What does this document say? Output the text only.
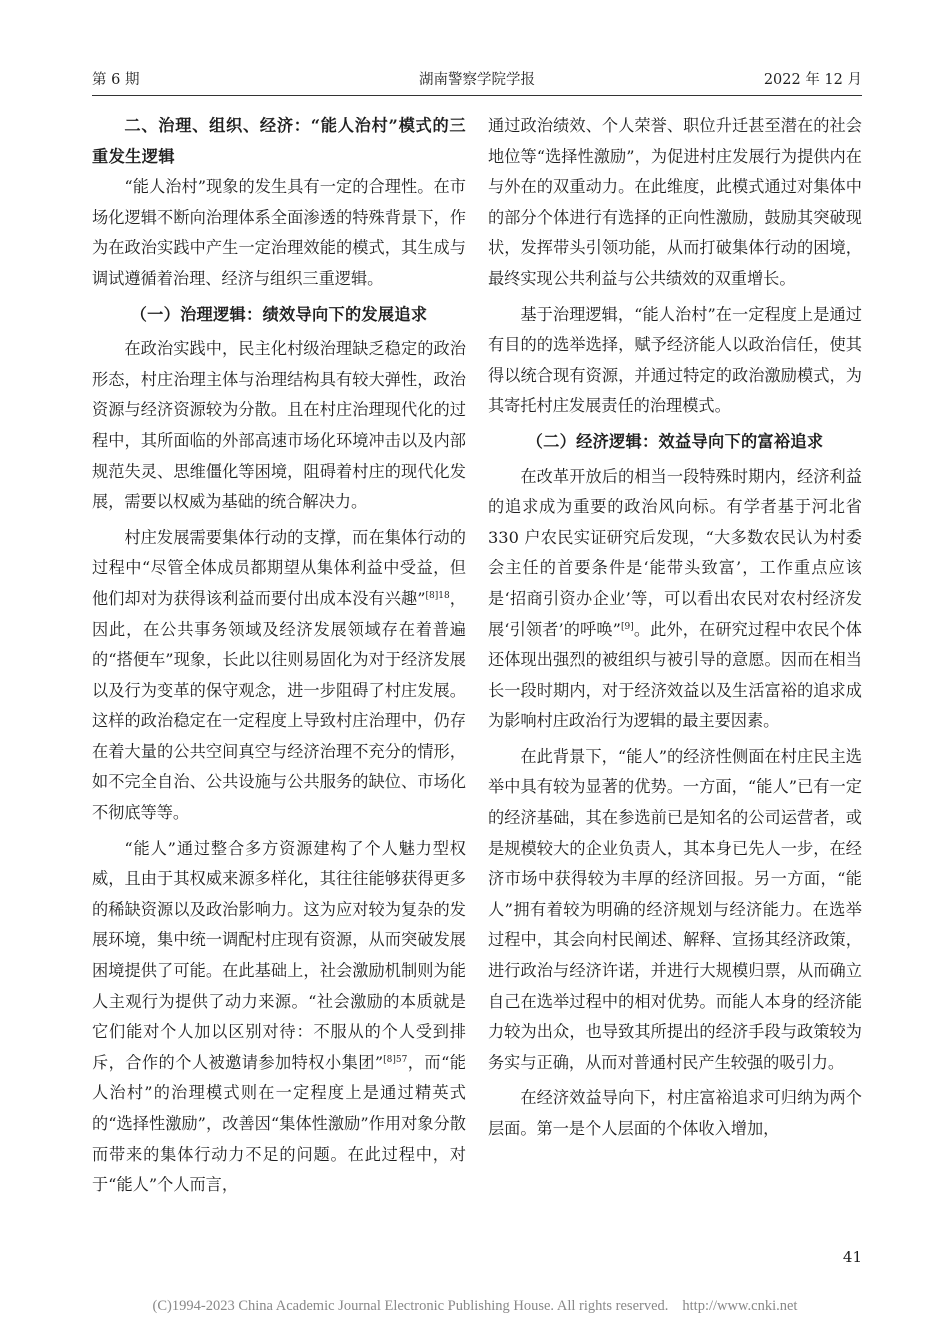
第 6 期	湖南警察学院学报	2022 年 12 月
二、治理、组织、经济：“能人治村”模式的三重发生逻辑

“能人治村”现象的发生具有一定的合理性。在市场化逻辑不断向治理体系全面渗透的特殊背景下，作为在政治实践中产生一定治理效能的模式，其生成与调试遵循着治理、经济与组织三重逻辑。

（一）治理逻辑：绩效导向下的发展追求

在政治实践中，民主化村级治理缺乏稳定的政治形态，村庄治理主体与治理结构具有较大弹性，政治资源与经济资源较为分散。且在村庄治理现代化的过程中，其所面临的外部高速市场化环境冲击以及内部规范失灵、思维僵化等困境，阻碍着村庄的现代化发展，需要以权威为基础的统合解决力。

村庄发展需要集体行动的支撑，而在集体行动的过程中“尽管全体成员都期望从集体利益中受益，但他们却对为获得该利益而要付出成本没有兴趣”$^{[8]18}$，因此，在公共事务领域及经济发展领域存在着普遍的“搭便车”现象，长此以往则易固化为对于经济发展以及行为变革的保守观念，进一步阻碍了村庄发展。这样的政治稳定在一定程度上导致村庄治理中，仍存在着大量的公共空间真空与经济治理不充分的情形，如不完全自治、公共设施与公共服务的缺位、市场化不彻底等等。

“能人”通过整合多方资源建构了个人魅力型权威，且由于其权威来源多样化，其往往能够获得更多的稀缺资源以及政治影响力。这为应对较为复杂的发展环境，集中统一调配村庄现有资源，从而突破发展困境提供了可能。在此基础上，社会激励机制则为能人主观行为提供了动力来源。“社会激励的本质就是它们能对个人加以区别对待：不服从的个人受到排斥，合作的个人被邀请参加特权小集团”$^{[8]57}$，而“能人治村”的治理模式则在一定程度上是通过精英式的“选择性激励”，改善因“集体性激励”作用对象分散而带来的集体行动力不足的问题。在此过程中，对于“能人”个人而言，

通过政治绩效、个人荣誉、职位升迁甚至潜在的社会地位等“选择性激励”，为促进村庄发展行为提供内在与外在的双重动力。在此维度，此模式通过对集体中的部分个体进行有选择的正向性激励，鼓励其突破现状，发挥带头引领功能，从而打破集体行动的困境，最终实现公共利益与公共绩效的双重增长。

基于治理逻辑，“能人治村”在一定程度上是通过有目的的选举选择，赋予经济能人以政治信任，使其得以统合现有资源，并通过特定的政治激励模式，为其寄托村庄发展责任的治理模式。

（二）经济逻辑：效益导向下的富裕追求

在改革开放后的相当一段特殊时期内，经济利益的追求成为重要的政治风向标。有学者基于河北省 330 户农民实证研究后发现，“大多数农民认为村委会主任的首要条件是‘能带头致富’，工作重点应该是‘招商引资办企业’等，可以看出农民对农村经济发展‘引领者’的呼唤”[9]。此外，在研究过程中农民个体还体现出强烈的被组织与被引导的意愿。因而在相当长一段时期内，对于经济效益以及生活富裕的追求成为影响村庄政治行为逻辑的最主要因素。

在此背景下，“能人”的经济性侧面在村庄民主选举中具有较为显著的优势。一方面，“能人”已有一定的经济基础，其在参选前已是知名的公司运营者，或是规模较大的企业负责人，其本身已先人一步，在经济市场中获得较为丰厚的经济回报。另一方面，“能人”拥有着较为明确的经济规划与经济能力。在选举过程中，其会向村民阐述、解释、宣扬其经济政策，进行政治与经济许诺，并进行大规模归票，从而确立自己在选举过程中的相对优势。而能人本身的经济能力较为出众，也导致其所提出的经济手段与政策较为务实与正确，从而对普通村民产生较强的吸引力。

在经济效益导向下，村庄富裕追求可归纳为两个层面。第一是个人层面的个体收入增加，

41
(C)1994-2023 China Academic Journal Electronic Publishing House. All rights reserved. http://www.cnki.net
